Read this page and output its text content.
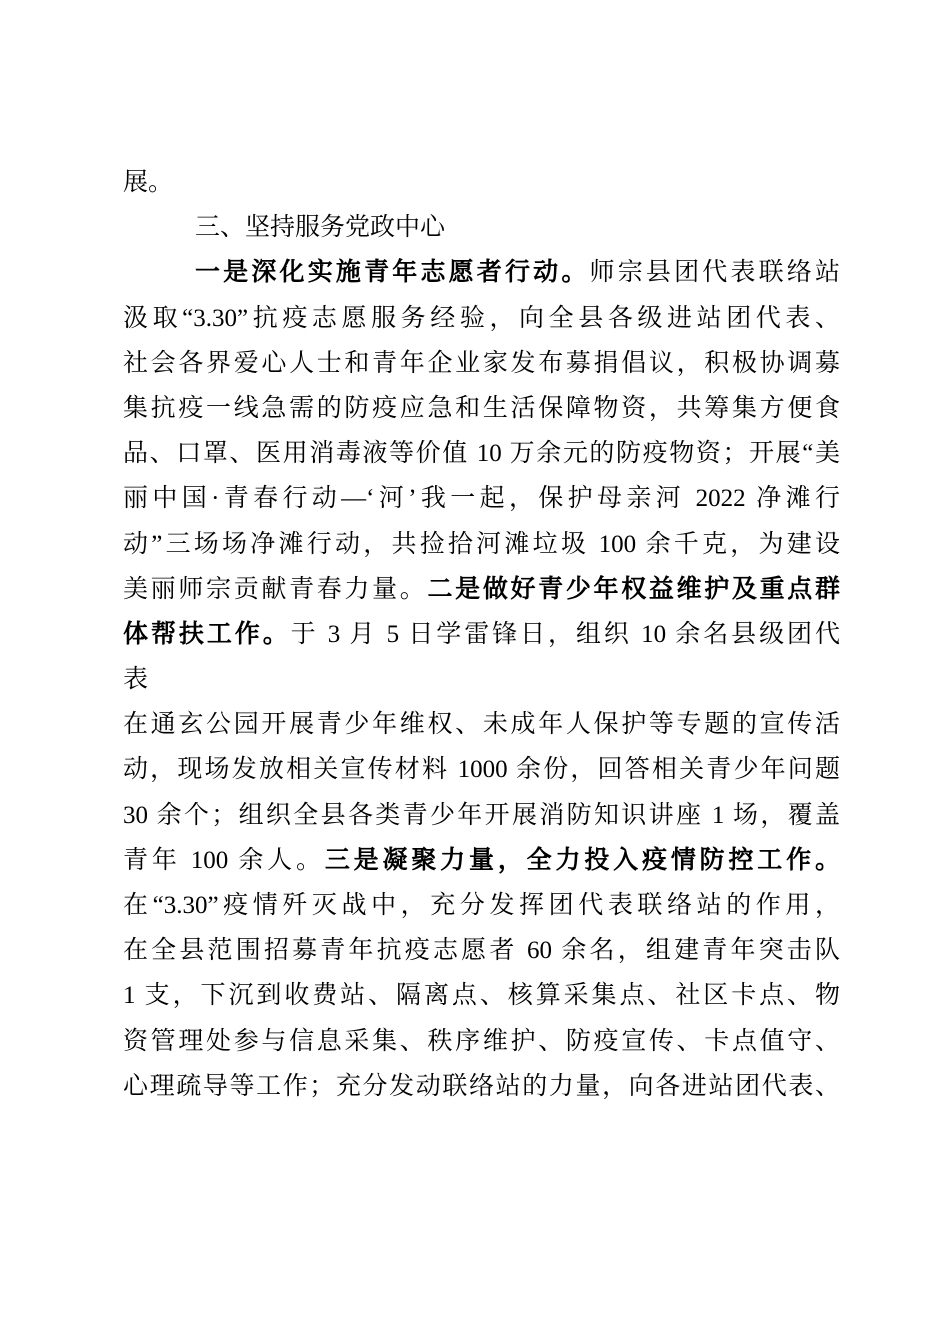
展。
三、坚持服务党政中心
一是深化实施青年志愿者行动。师宗县团代表联络站
汲取“3.30”抗疫志愿服务经验，向全县各级进站团代表、
社会各界爱心人士和青年企业家发布募捐倡议，积极协调募
集抗疫一线急需的防疫应急和生活保障物资，共筹集方便食
品、口罩、医用消毒液等价值 10 万余元的防疫物资；开展“美
丽中国·青春行动—‘河’我一起，保护母亲河 2022 净滩行
动”三场场净滩行动，共捡拾河滩垃圾 100 余千克，为建设
美丽师宗贡献青春力量。二是做好青少年权益维护及重点群
体帮扶工作。于 3 月 5 日学雷锋日，组织 10 余名县级团代
表
在通玄公园开展青少年维权、未成年人保护等专题的宣传活
动，现场发放相关宣传材料 1000 余份，回答相关青少年问题
30 余个；组织全县各类青少年开展消防知识讲座 1 场，覆盖
青年 100 余人。三是凝聚力量，全力投入疫情防控工作。
在“3.30”疫情歼灭战中，充分发挥团代表联络站的作用，
在全县范围招募青年抗疫志愿者 60 余名，组建青年突击队
1 支，下沉到收费站、隔离点、核算采集点、社区卡点、物
资管理处参与信息采集、秩序维护、防疫宣传、卡点值守、
心理疏导等工作；充分发动联络站的力量，向各进站团代表、
